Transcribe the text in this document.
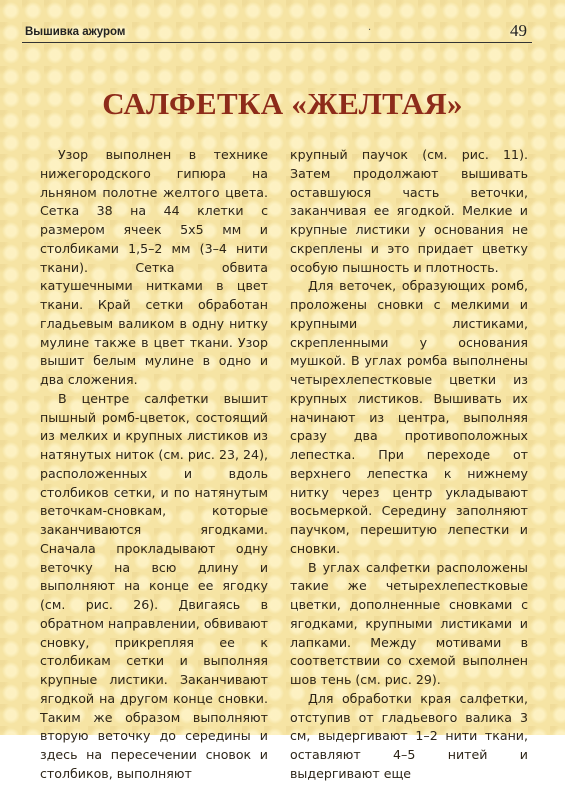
Вышивка ажуром	·	49
САЛФЕТКА «ЖЕЛТАЯ»

Узор выполнен в технике нижегородского гипюра на льняном полотне желтого цвета. Сетка 38 на 44 клетки с размером ячеек 5х5 мм и столбиками 1,5–2 мм (3–4 нити ткани). Сетка обвита катушечными нитками в цвет ткани. Край сетки обработан гладьевым валиком в одну нитку мулине также в цвет ткани. Узор вышит белым мулине в одно и два сложения.

В центре салфетки вышит пышный ромб-цветок, состоящий из мелких и крупных листиков из натянутых ниток (см. рис. 23, 24), расположенных и вдоль столбиков сетки, и по натянутым веточкам-сновкам, которые заканчиваются ягодками. Сначала прокладывают одну веточку на всю длину и выполняют на конце ее ягодку (см. рис. 26). Двигаясь в обратном направлении, обвивают сновку, прикрепляя ее к столбикам сетки и выполняя крупные листики. Заканчивают ягодкой на другом конце сновки. Таким же образом выполняют вторую веточку до середины и здесь на пересечении сновок и столбиков, выполняют

крупный паучок (см. рис. 11). Затем продолжают вышивать оставшуюся часть веточки, заканчивая ее ягодкой. Мелкие и крупные листики у основания не скреплены и это придает цветку особую пышность и плотность.

Для веточек, образующих ромб, проложены сновки с мелкими и крупными листиками, скрепленными у основания мушкой. В углах ромба выполнены четырехлепестковые цветки из крупных листиков. Вышивать их начинают из центра, выполняя сразу два противоположных лепестка. При переходе от верхнего лепестка к нижнему нитку через центр укладывают восьмеркой. Середину заполняют паучком, перешитую лепестки и сновки.

В углах салфетки расположены такие же четырехлепестковые цветки, дополненные сновками с ягодками, крупными листиками и лапками. Между мотивами в соответствии со схемой выполнен шов тень (см. рис. 29).

Для обработки края салфетки, отступив от гладьевого валика 3 см, выдергивают 1–2 нити ткани, оставляют 4–5 нитей и выдергивают еще
